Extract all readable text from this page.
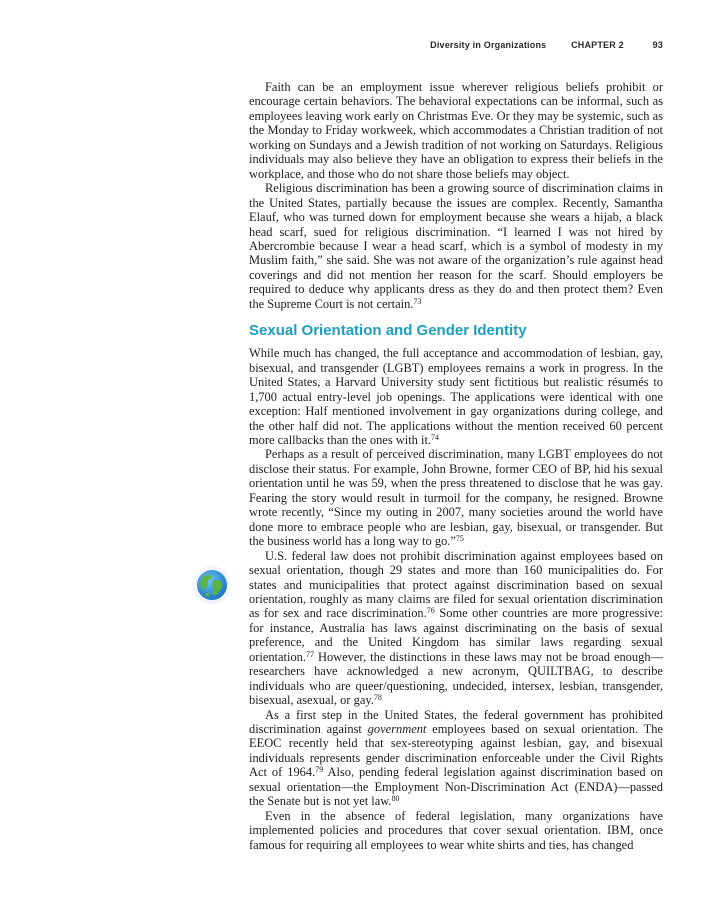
Diversity in Organizations	CHAPTER 2	93

Faith can be an employment issue wherever religious beliefs prohibit or encourage certain behaviors. The behavioral expectations can be informal, such as employees leaving work early on Christmas Eve. Or they may be systemic, such as the Monday to Friday workweek, which accommodates a Christian tradition of not working on Sundays and a Jewish tradition of not working on Saturdays. Religious individuals may also believe they have an obligation to express their beliefs in the workplace, and those who do not share those beliefs may object.

Religious discrimination has been a growing source of discrimination claims in the United States, partially because the issues are complex. Recently, Samantha Elauf, who was turned down for employment because she wears a hijab, a black head scarf, sued for religious discrimination. “I learned I was not hired by Abercrombie because I wear a head scarf, which is a symbol of modesty in my Muslim faith,” she said. She was not aware of the organization’s rule against head coverings and did not mention her reason for the scarf. Should employers be required to deduce why applicants dress as they do and then protect them? Even the Supreme Court is not certain.$^{73}$

Sexual Orientation and Gender Identity

While much has changed, the full acceptance and accommodation of lesbian, gay, bisexual, and transgender (LGBT) employees remains a work in progress. In the United States, a Harvard University study sent fictitious but realistic résumés to 1,700 actual entry-level job openings. The applications were identical with one exception: Half mentioned involvement in gay organizations during college, and the other half did not. The applications without the mention received 60 percent more callbacks than the ones with it.$^{74}$

Perhaps as a result of perceived discrimination, many LGBT employees do not disclose their status. For example, John Browne, former CEO of BP, hid his sexual orientation until he was 59, when the press threatened to disclose that he was gay. Fearing the story would result in turmoil for the company, he resigned. Browne wrote recently, “Since my outing in 2007, many societies around the world have done more to embrace people who are lesbian, gay, bisexual, or transgender. But the business world has a long way to go.”$^{75}$

U.S. federal law does not prohibit discrimination against employees based on sexual orientation, though 29 states and more than 160 municipalities do. For states and municipalities that protect against discrimination based on sexual orientation, roughly as many claims are filed for sexual orientation discrimination as for sex and race discrimination.$^{76}$ Some other countries are more progressive: for instance, Australia has laws against discriminating on the basis of sexual preference, and the United Kingdom has similar laws regarding sexual orientation.$^{77}$ However, the distinctions in these laws may not be broad enough—researchers have acknowledged a new acronym, QUILTBAG, to describe individuals who are queer/questioning, undecided, intersex, lesbian, transgender, bisexual, asexual, or gay.$^{78}$

As a first step in the United States, the federal government has prohibited discrimination against government employees based on sexual orientation. The EEOC recently held that sex-stereotyping against lesbian, gay, and bisexual individuals represents gender discrimination enforceable under the Civil Rights Act of 1964.79 Also, pending federal legislation against discrimination based on sexual orientation—the Employment Non-Discrimination Act (ENDA)—passed the Senate but is not yet law.$^{80}$

Even in the absence of federal legislation, many organizations have implemented policies and procedures that cover sexual orientation. IBM, once famous for requiring all employees to wear white shirts and ties, has changed
